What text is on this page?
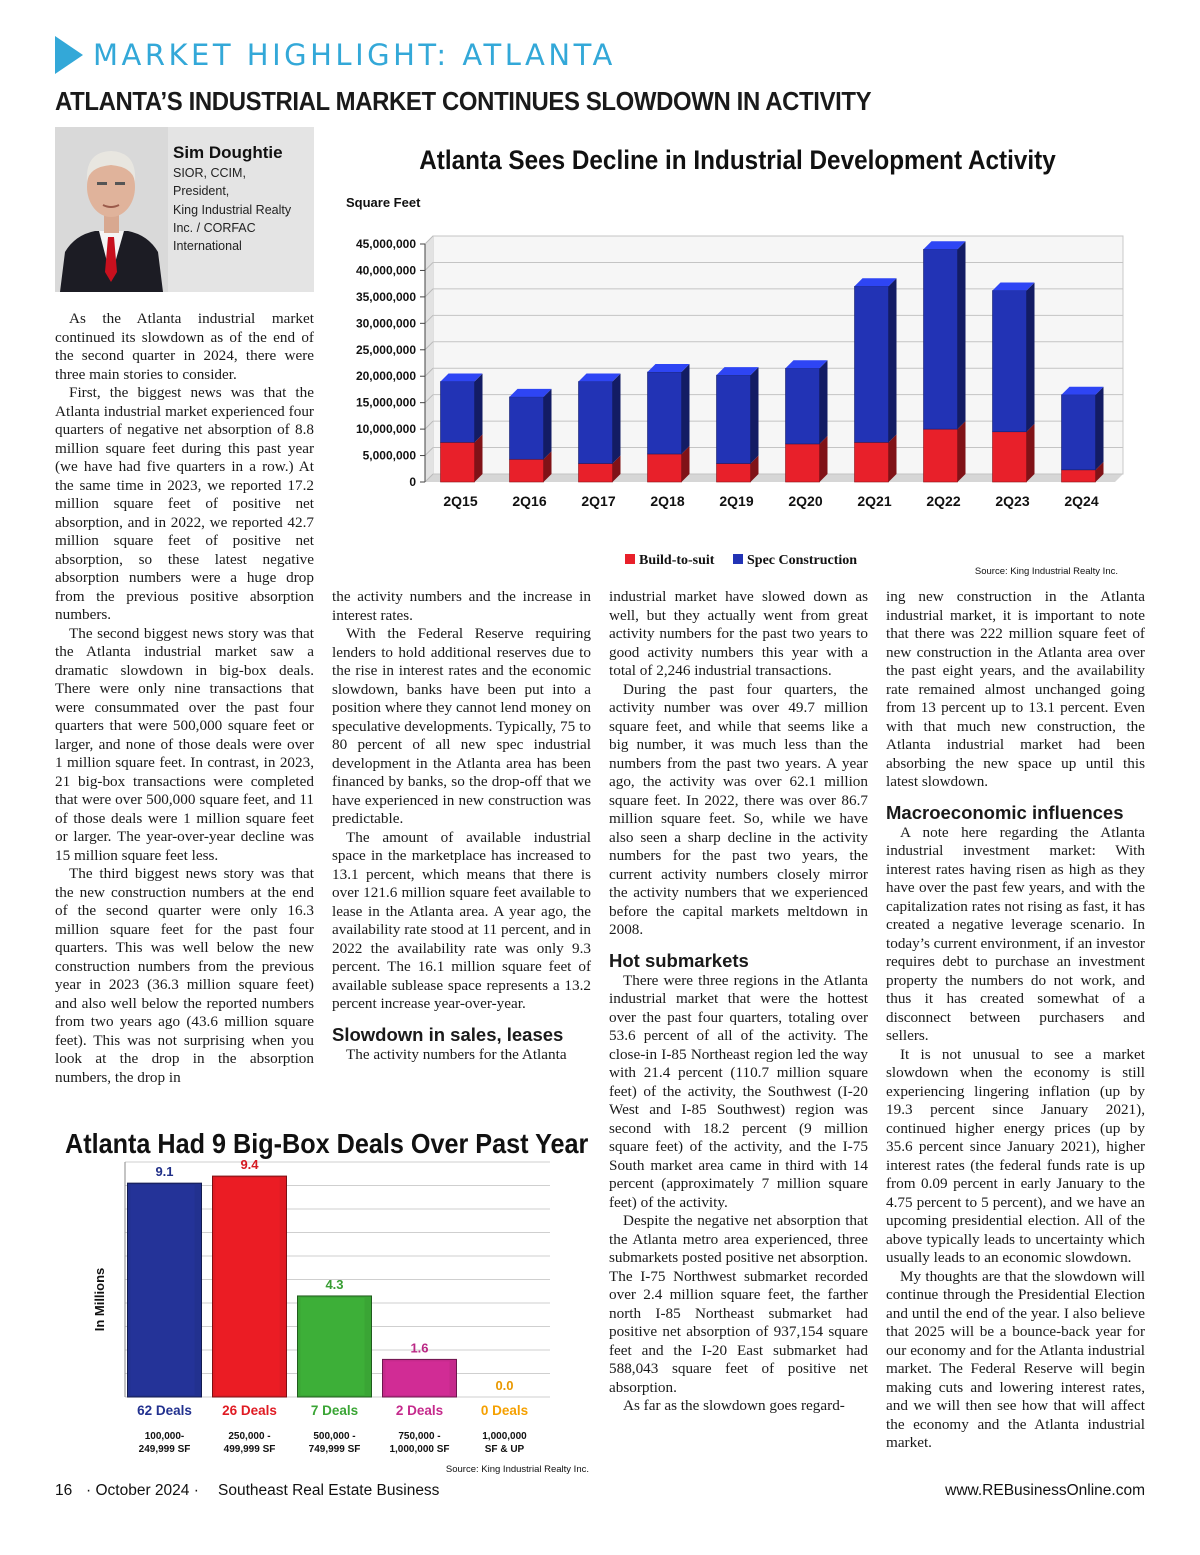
MARKET HIGHLIGHT: ATLANTA
ATLANTA’S INDUSTRIAL MARKET CONTINUES SLOWDOWN IN ACTIVITY
Sim Doughtie
SIOR, CCIM,
President,
King Industrial Realty
Inc. / CORFAC
International

As the Atlanta industrial market continued its slowdown as of the end of the second quarter in 2024, there were three main stories to consider.

First, the biggest news was that the Atlanta industrial market experienced four quarters of negative net absorption of 8.8 million square feet during this past year (we have had five quarters in a row.) At the same time in 2023, we reported 17.2 million square feet of positive net absorption, and in 2022, we reported 42.7 million square feet of positive net absorption, so these latest negative absorption numbers were a huge drop from the previous positive absorption numbers.

The second biggest news story was that the Atlanta industrial market saw a dramatic slowdown in big-box deals. There were only nine transactions that were consummated over the past four quarters that were 500,000 square feet or larger, and none of those deals were over 1 million square feet. In contrast, in 2023, 21 big-box transactions were completed that were over 500,000 square feet, and 11 of those deals were 1 million square feet or larger. The year-over-year decline was 15 million square feet less.

The third biggest news story was that the new construction numbers at the end of the second quarter were only 16.3 million square feet for the past four quarters. This was well below the new construction numbers from the previous year in 2023 (36.3 million square feet) and also well below the reported numbers from two years ago (43.6 million square feet). This was not surprising when you look at the drop in the absorption numbers, the drop in

the activity numbers and the increase in interest rates.

With the Federal Reserve requiring lenders to hold additional reserves due to the rise in interest rates and the economic slowdown, banks have been put into a position where they cannot lend money on speculative developments. Typically, 75 to 80 percent of all new spec industrial development in the Atlanta area has been financed by banks, so the drop-off that we have experienced in new construction was predictable.

The amount of available industrial space in the marketplace has increased to 13.1 percent, which means that there is over 121.6 million square feet available to lease in the Atlanta area. A year ago, the availability rate stood at 11 percent, and in 2022 the availability rate was only 9.3 percent. The 16.1 million square feet of available sublease space represents a 13.2 percent increase year-over-year.

Slowdown in sales, leases

The activity numbers for the Atlanta

industrial market have slowed down as well, but they actually went from great activity numbers for the past two years to good activity numbers this year with a total of 2,246 industrial transactions.

During the past four quarters, the activity number was over 49.7 million square feet, and while that seems like a big number, it was much less than the numbers from the past two years. A year ago, the activity was over 62.1 million square feet. In 2022, there was over 86.7 million square feet. So, while we have also seen a sharp decline in the activity numbers for the past two years, the current activity numbers closely mirror the activity numbers that we experienced before the capital markets meltdown in 2008.

Hot submarkets

There were three regions in the Atlanta industrial market that were the hottest over the past four quarters, totaling over 53.6 percent of all of the activity. The close-in I-85 Northeast region led the way with 21.4 percent (110.7 million square feet) of the activity, the Southwest (I-20 West and I-85 Southwest) region was second with 18.2 percent (9 million square feet) of the activity, and the I-75 South market area came in third with 14 percent (approximately 7 million square feet) of the activity.

Despite the negative net absorption that the Atlanta metro area experienced, three submarkets posted positive net absorption. The I-75 Northwest submarket recorded over 2.4 million square feet, the farther north I-85 Northeast submarket had positive net absorption of 937,154 square feet and the I-20 East submarket had 588,043 square feet of positive net absorption.

As far as the slowdown goes regard-

ing new construction in the Atlanta industrial market, it is important to note that there was 222 million square feet of new construction in the Atlanta area over the past eight years, and the availability rate remained almost unchanged going from 13 percent up to 13.1 percent. Even with that much new construction, the Atlanta industrial market had been absorbing the new space up until this latest slowdown.

Macroeconomic influences

A note here regarding the Atlanta industrial investment market: With interest rates having risen as high as they have over the past few years, and with the capitalization rates not rising as fast, it has created a negative leverage scenario. In today’s current environment, if an investor requires debt to purchase an investment property the numbers do not work, and thus it has created somewhat of a disconnect between purchasers and sellers.

It is not unusual to see a market slowdown when the economy is still experiencing lingering inflation (up by 19.3 percent since January 2021), continued higher energy prices (up by 35.6 percent since January 2021), higher interest rates (the federal funds rate is up from 0.09 percent in early January to the 4.75 percent to 5 percent), and we have an upcoming presidential election. All of the above typically leads to uncertainty which usually leads to an economic slowdown.

My thoughts are that the slowdown will continue through the Presidential Election and until the end of the year. I also believe that 2025 will be a bounce-back year for our economy and for the Atlanta industrial market. The Federal Reserve will begin making cuts and lowering interest rates, and we will then see how that will affect the economy and the Atlanta industrial market.

Atlanta Sees Decline in Industrial Development Activity
Square Feet
0
5,000,000
10,000,000
15,000,000
20,000,000
25,000,000
30,000,000
35,000,000
40,000,000
45,000,000
2Q15 2Q16 2Q17 2Q18 2Q19 2Q20 2Q21 2Q22 2Q23 2Q24
Build-to-suit Spec Construction
Source: King Industrial Realty Inc.
Atlanta Had 9 Big-Box Deals Over Past Year
In Millions
9.1
62 Deals
100,000-
249,999 SF
9.4
26 Deals
250,000 -
499,999 SF
4.3
7 Deals
500,000 -
749,999 SF
1.6
2 Deals
750,000 -
1,000,000 SF
0.0
0 Deals
1,000,000
SF & UP
Source: King Industrial Realty Inc.
16 · October 2024 · Southeast Real Estate Business	www.REBusinessOnline.com
